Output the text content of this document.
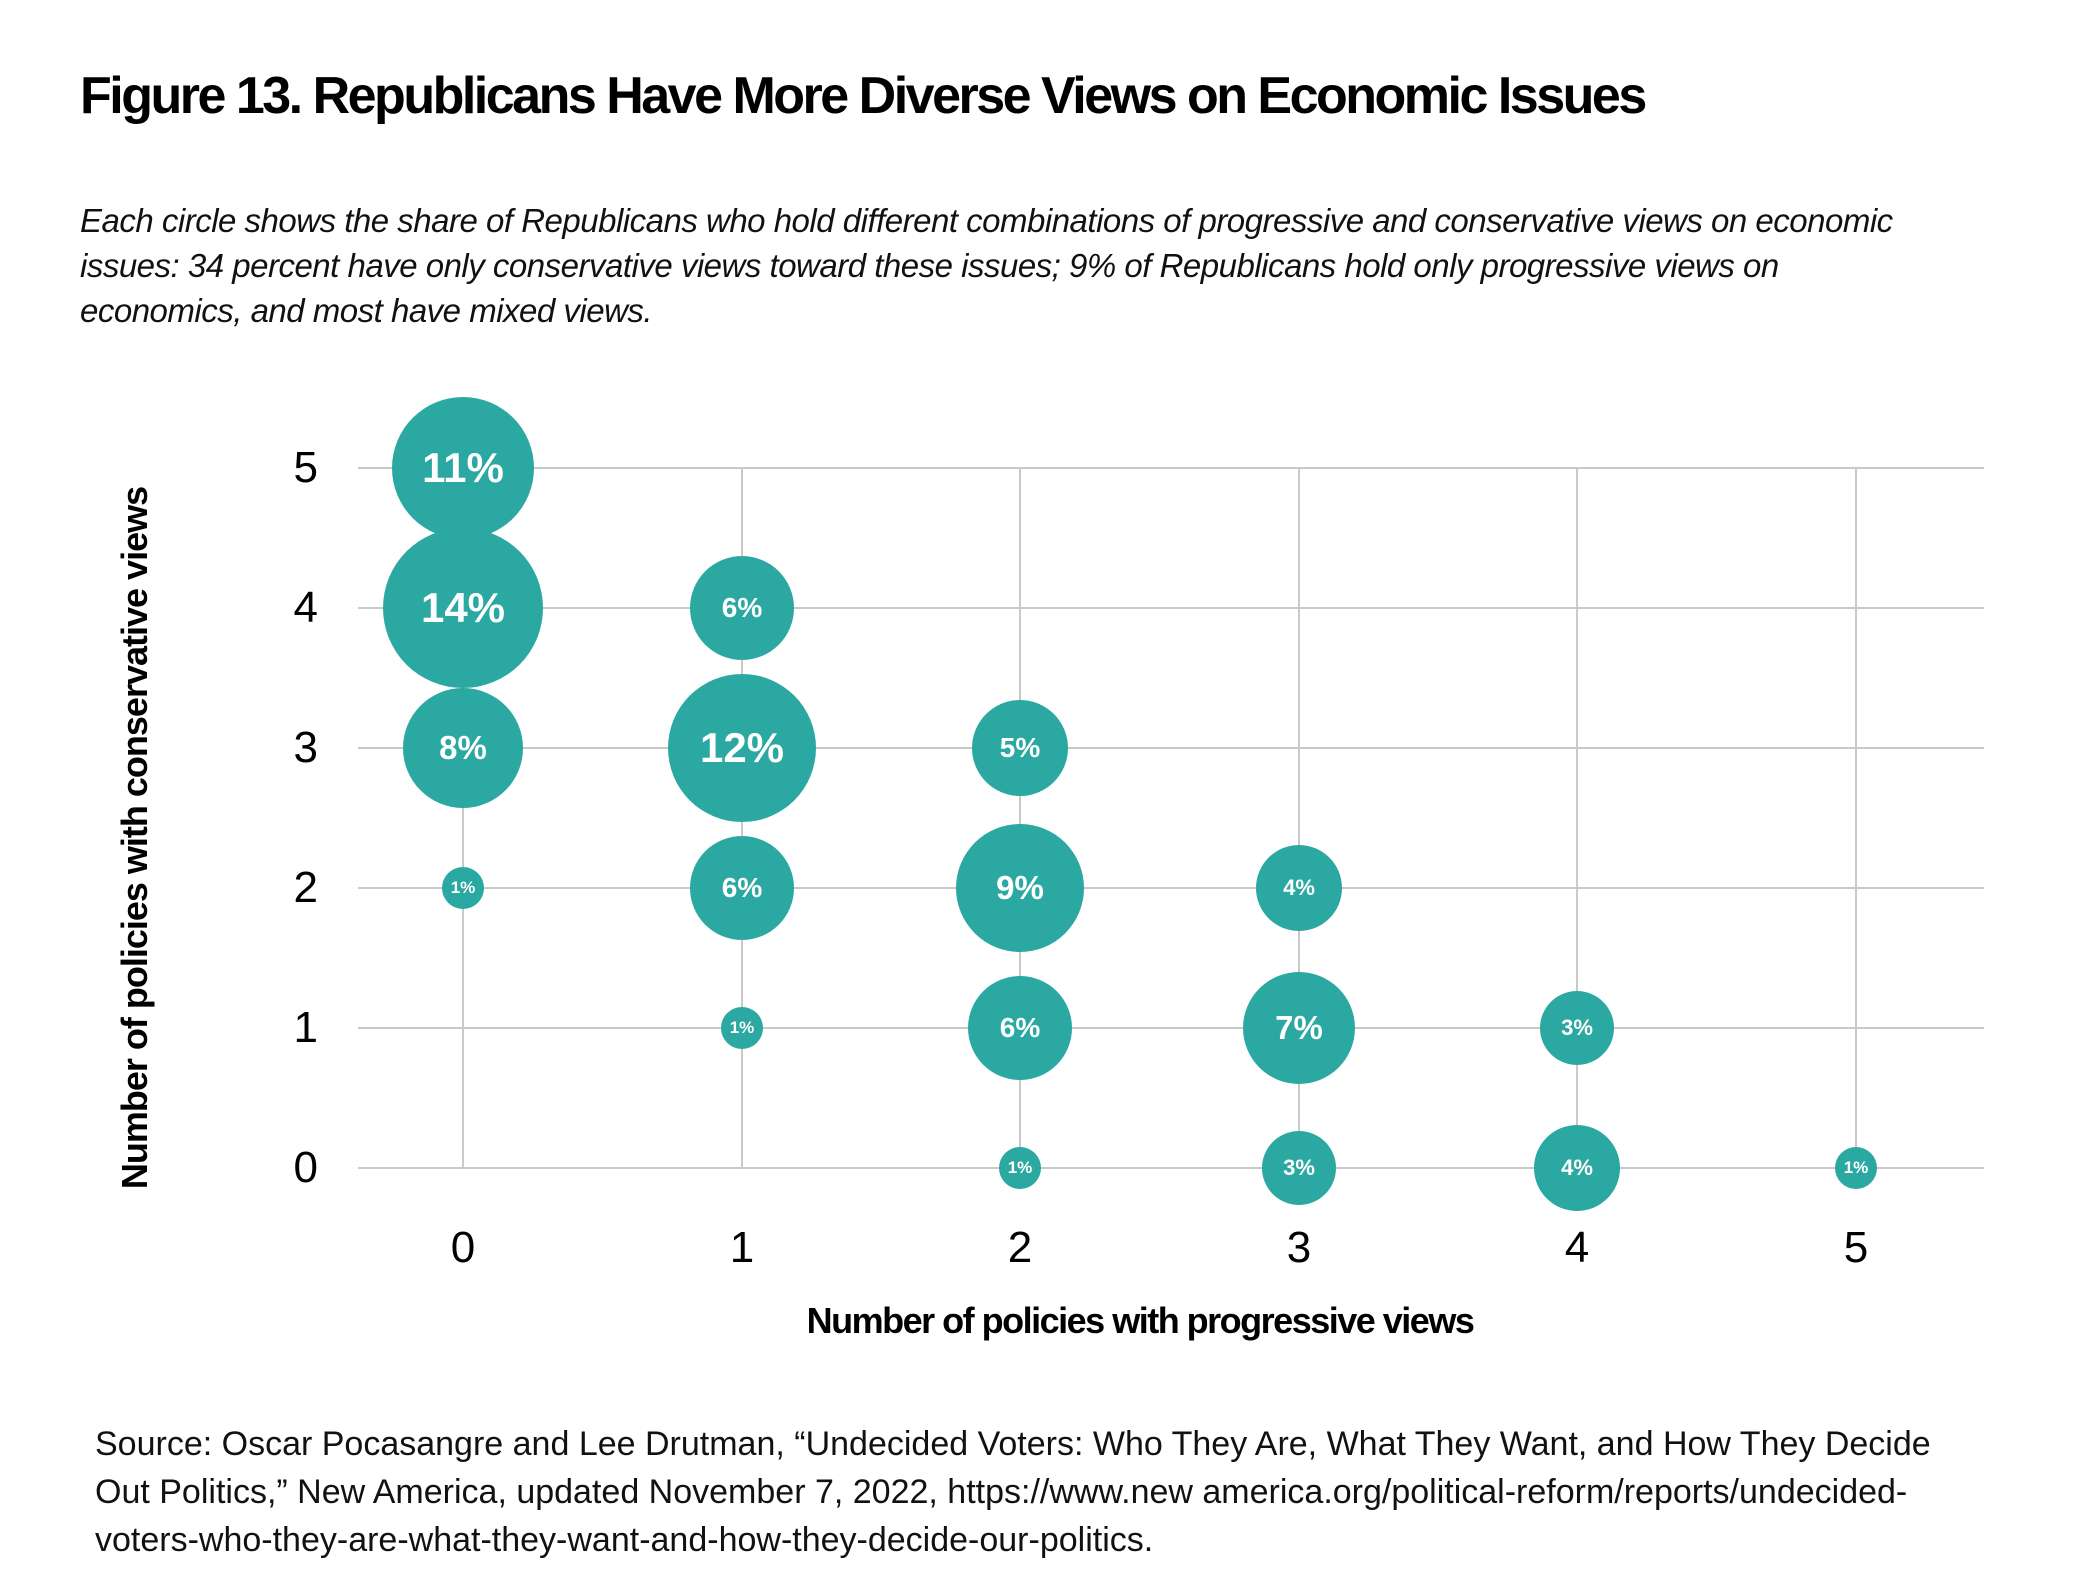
Figure 13. Republicans Have More Diverse Views on Economic Issues
Each circle shows the share of Republicans who hold different combinations of progressive and conservative views on economic
issues: 34 percent have only conservative views toward these issues; 9% of Republicans hold only progressive views on
economics, and most have mixed views.
Number of policies with conservative views
Number of policies with progressive views
5
4
3
2
1
0
0	1	2	3	4	5
11%
14%
8%
1%
6%
12%
6%
1%
5%
9%
6%
1%
4%
7%
3%
3%
4%	1%
Source: Oscar Pocasangre and Lee Drutman, “Undecided Voters: Who They Are, What They Want, and How They Decide
Out Politics,” New America, updated November 7, 2022, https://www.new america.org/political-reform/reports/undecided-
voters-who-they-are-what-they-want-and-how-they-decide-our-politics.
